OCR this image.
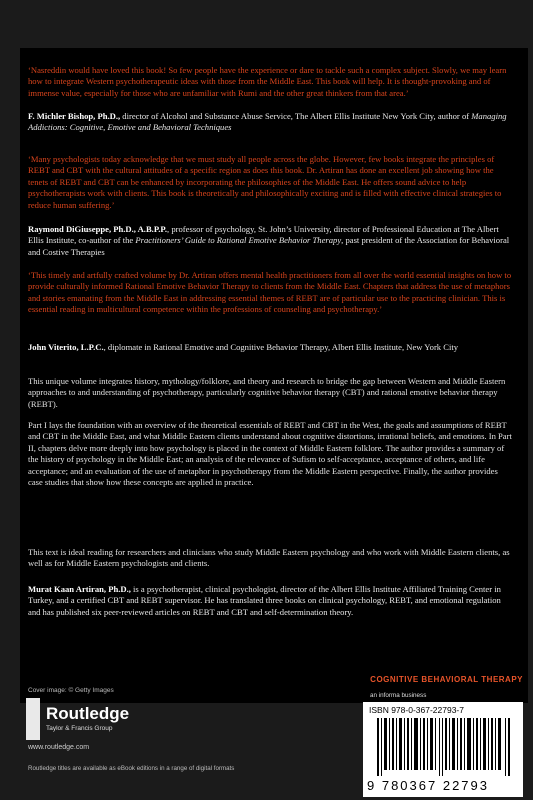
‘Nasreddin would have loved this book! So few people have the experience or dare to tackle such a complex subject. Slowly, we may learn how to integrate Western psychotherapeutic ideas with those from the Middle East. This book will help. It is thought-provoking and of immense value, especially for those who are unfamiliar with Rumi and the other great thinkers from that area.’

F. Michler Bishop, Ph.D., director of Alcohol and Substance Abuse Service, The Albert Ellis Institute New York City, author of Managing Addictions: Cognitive, Emotive and Behavioral Techniques

‘Many psychologists today acknowledge that we must study all people across the globe. However, few books integrate the principles of REBT and CBT with the cultural attitudes of a specific region as does this book. Dr. Artiran has done an excellent job showing how the tenets of REBT and CBT can be enhanced by incorporating the philosophies of the Middle East. He offers sound advice to help psychotherapists work with clients. This book is theoretically and philosophically exciting and is filled with effective clinical strategies to reduce human suffering.’

Raymond DiGiuseppe, Ph.D., A.B.P.P., professor of psychology, St. John’s University, director of Professional Education at The Albert Ellis Institute, co-author of the Practitioners’ Guide to Rational Emotive Behavior Therapy, past president of the Association for Behavioral and Costive Therapies

‘This timely and artfully crafted volume by Dr. Artiran offers mental health practitioners from all over the world essential insights on how to provide culturally informed Rational Emotive Behavior Therapy to clients from the Middle East. Chapters that address the use of metaphors and stories emanating from the Middle East in addressing essential themes of REBT are of particular use to the practicing clinician. This is essential reading in multicultural competence within the professions of counseling and psychotherapy.’

John Viterito, L.P.C., diplomate in Rational Emotive and Cognitive Behavior Therapy, Albert Ellis Institute, New York City

This unique volume integrates history, mythology/folklore, and theory and research to bridge the gap between Western and Middle Eastern approaches to and understanding of psychotherapy, particularly cognitive behavior therapy (CBT) and rational emotive behavior therapy (REBT).

Part I lays the foundation with an overview of the theoretical essentials of REBT and CBT in the West, the goals and assumptions of REBT and CBT in the Middle East, and what Middle Eastern clients understand about cognitive distortions, irrational beliefs, and emotions. In Part II, chapters delve more deeply into how psychology is placed in the context of Middle Eastern folklore. The author provides a summary of the history of psychology in the Middle East; an analysis of the relevance of Sufism to self-acceptance, acceptance of others, and life acceptance; and an evaluation of the use of metaphor in psychotherapy from the Middle Eastern perspective. Finally, the author provides case studies that show how these concepts are applied in practice.

This text is ideal reading for researchers and clinicians who study Middle Eastern psychology and who work with Middle Eastern clients, as well as for Middle Eastern psychologists and clients.

Murat Kaan Artiran, Ph.D., is a psychotherapist, clinical psychologist, director of the Albert Ellis Institute Affiliated Training Center in Turkey, and a certified CBT and REBT supervisor. He has translated three books on clinical psychology, REBT, and emotional regulation and has published six peer-reviewed articles on REBT and CBT and self-determination theory.

COGNITIVE BEHAVIORAL THERAPY
Cover image: © Getty Images
Routledge
Taylor & Francis Group
www.routledge.com
Routledge titles are available as eBook editions in a range of digital formats
an informa business
ISBN 978-0-367-22793-7
9 780367 22793
